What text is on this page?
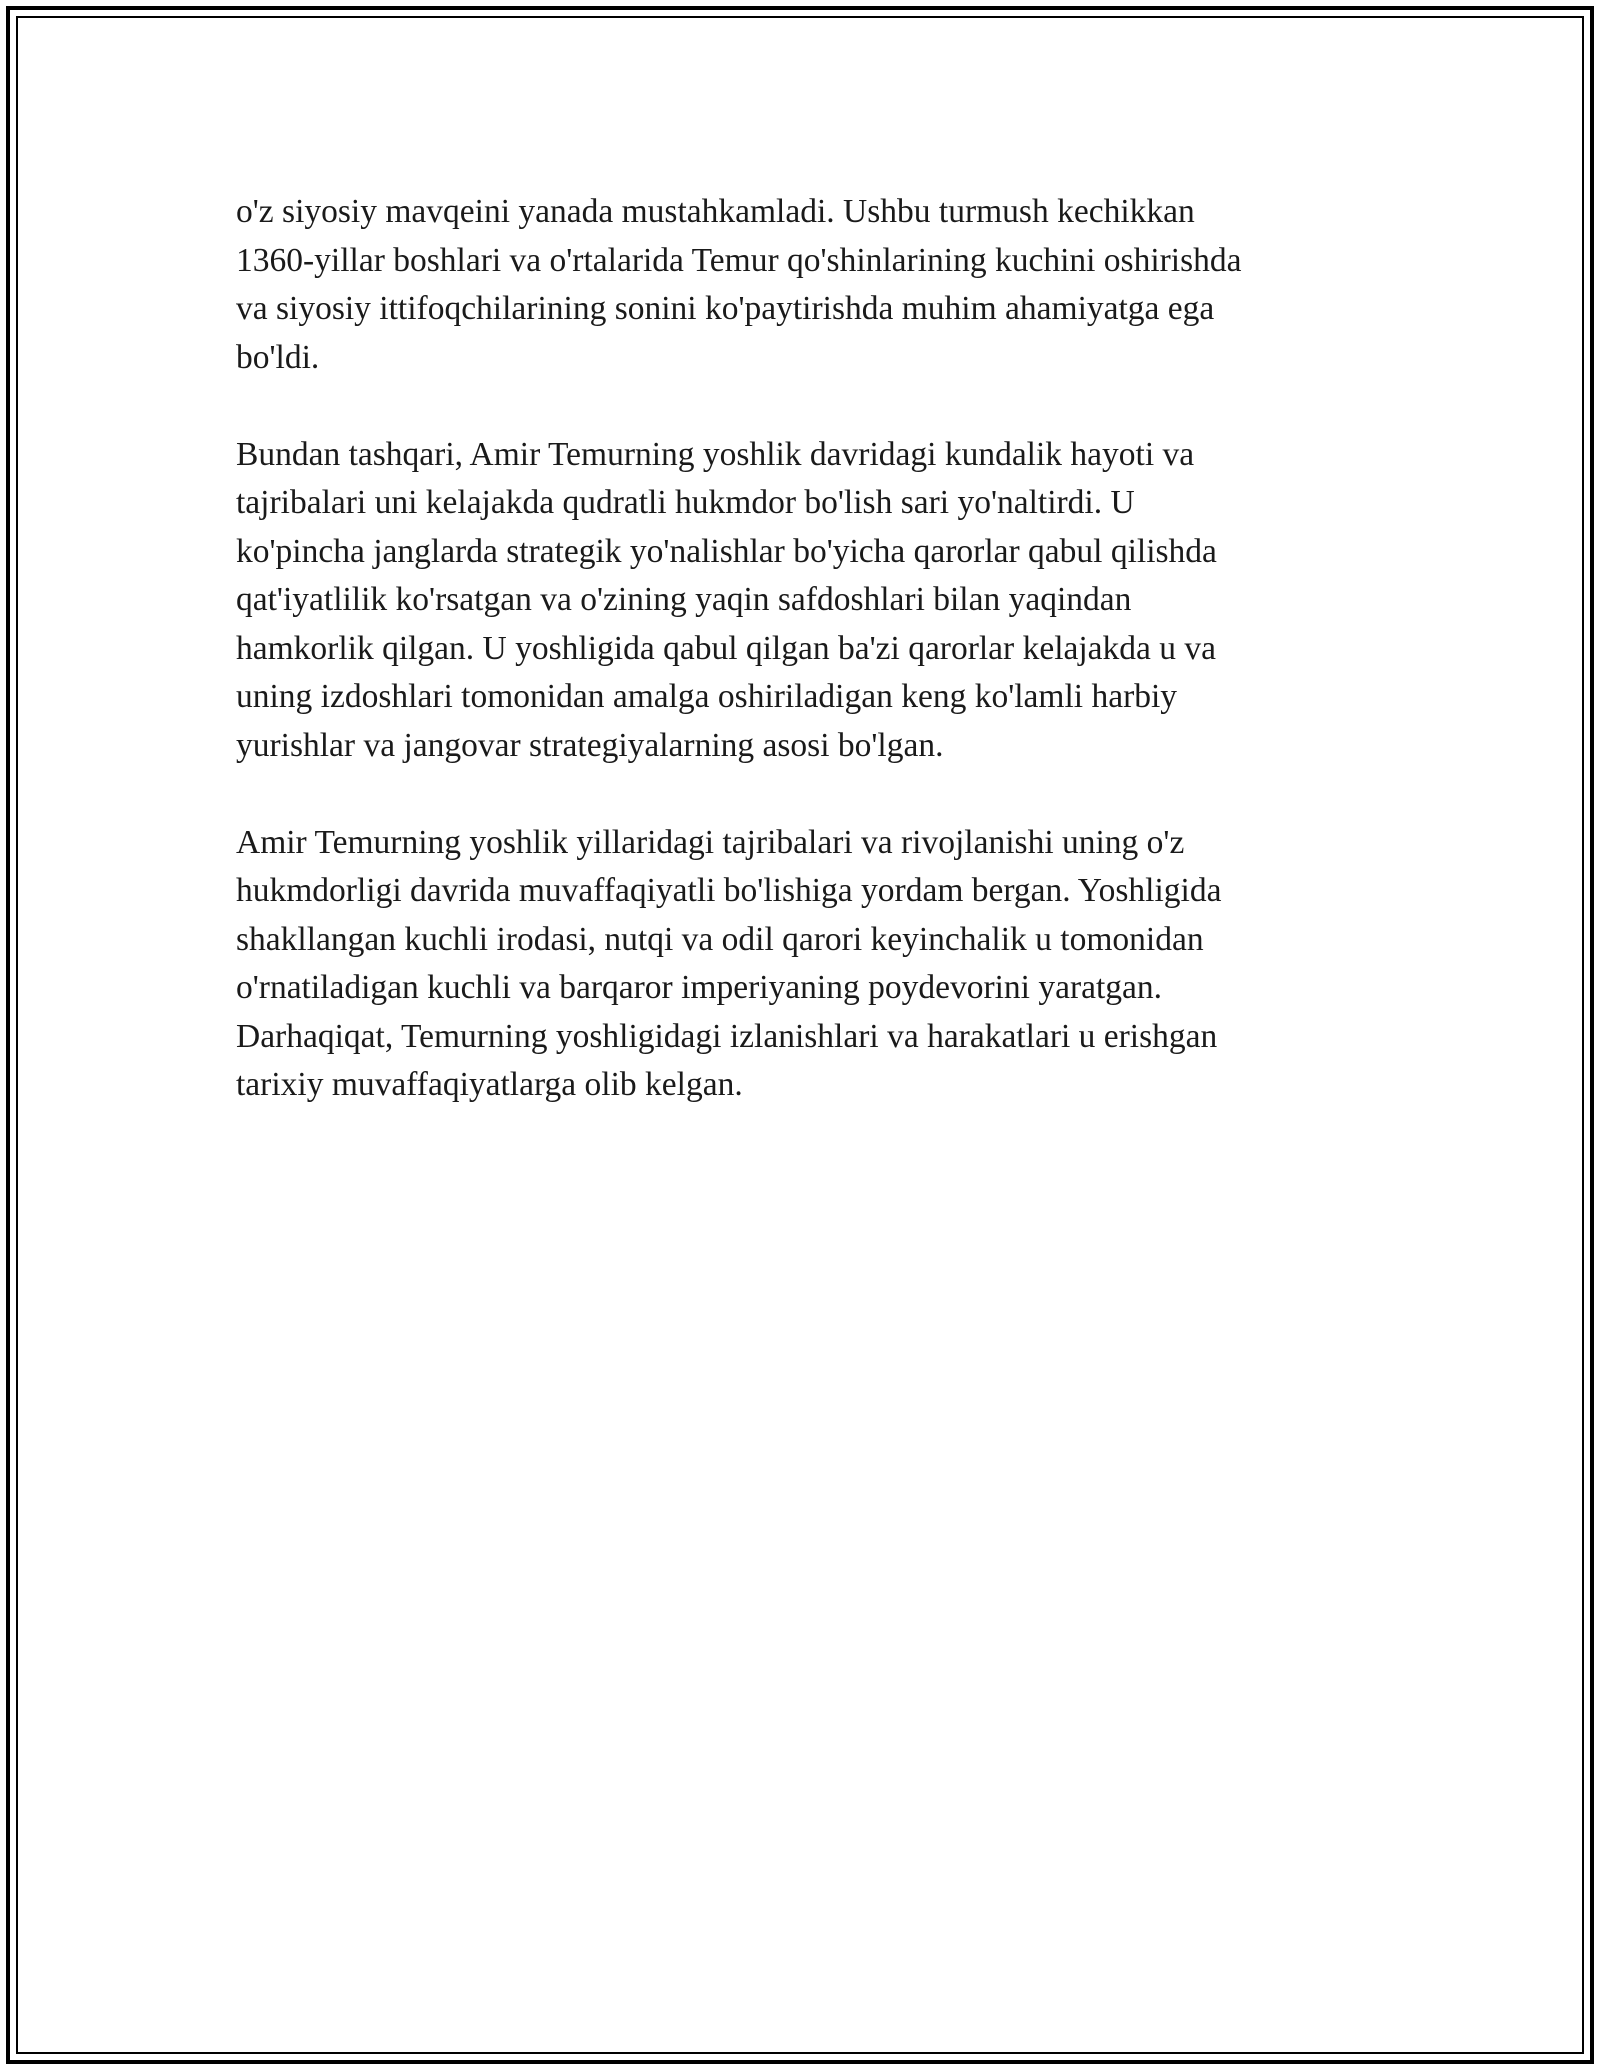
o'z siyosiy mavqeini yanada mustahkamladi. Ushbu turmush kechikkan
1360-yillar boshlari va o'rtalarida Temur qo'shinlarining kuchini oshirishda
va siyosiy ittifoqchilarining sonini ko'paytirishda muhim ahamiyatga ega
bo'ldi.

Bundan tashqari, Amir Temurning yoshlik davridagi kundalik hayoti va
tajribalari uni kelajakda qudratli hukmdor bo'lish sari yo'naltirdi. U
ko'pincha janglarda strategik yo'nalishlar bo'yicha qarorlar qabul qilishda
qat'iyatlilik ko'rsatgan va o'zining yaqin safdoshlari bilan yaqindan
hamkorlik qilgan. U yoshligida qabul qilgan ba'zi qarorlar kelajakda u va
uning izdoshlari tomonidan amalga oshiriladigan keng ko'lamli harbiy
yurishlar va jangovar strategiyalarning asosi bo'lgan.

Amir Temurning yoshlik yillaridagi tajribalari va rivojlanishi uning o'z
hukmdorligi davrida muvaffaqiyatli bo'lishiga yordam bergan. Yoshligida
shakllangan kuchli irodasi, nutqi va odil qarori keyinchalik u tomonidan
o'rnatiladigan kuchli va barqaror imperiyaning poydevorini yaratgan.
Darhaqiqat, Temurning yoshligidagi izlanishlari va harakatlari u erishgan
tarixiy muvaffaqiyatlarga olib kelgan.
